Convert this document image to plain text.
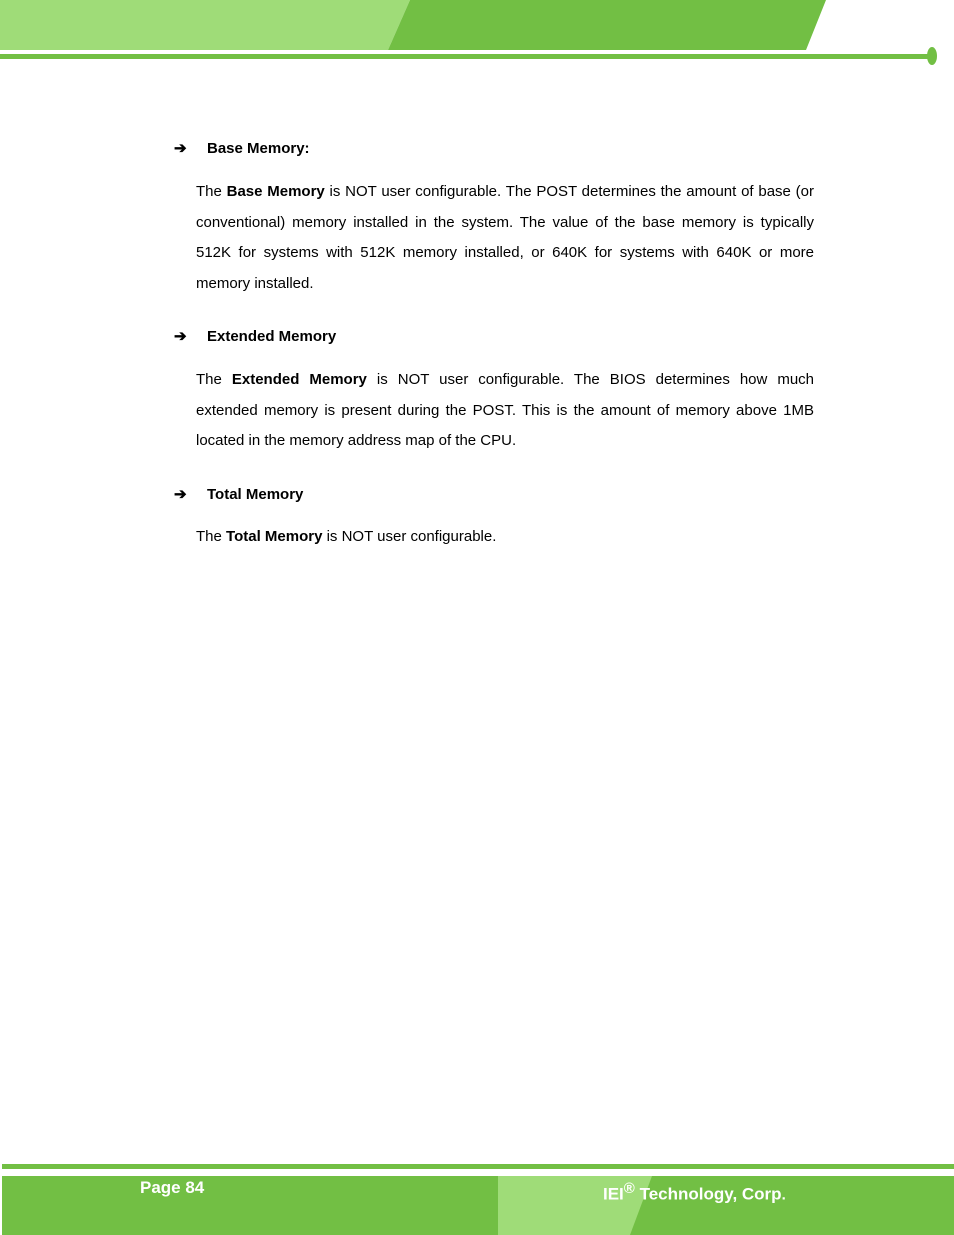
➔ Base Memory:
The Base Memory is NOT user configurable. The POST determines the amount of base (or conventional) memory installed in the system. The value of the base memory is typically 512K for systems with 512K memory installed, or 640K for systems with 640K or more memory installed.
➔ Extended Memory
The Extended Memory is NOT user configurable. The BIOS determines how much extended memory is present during the POST. This is the amount of memory above 1MB located in the memory address map of the CPU.
➔ Total Memory
The Total Memory is NOT user configurable.
Page 84	IEI® Technology, Corp.
